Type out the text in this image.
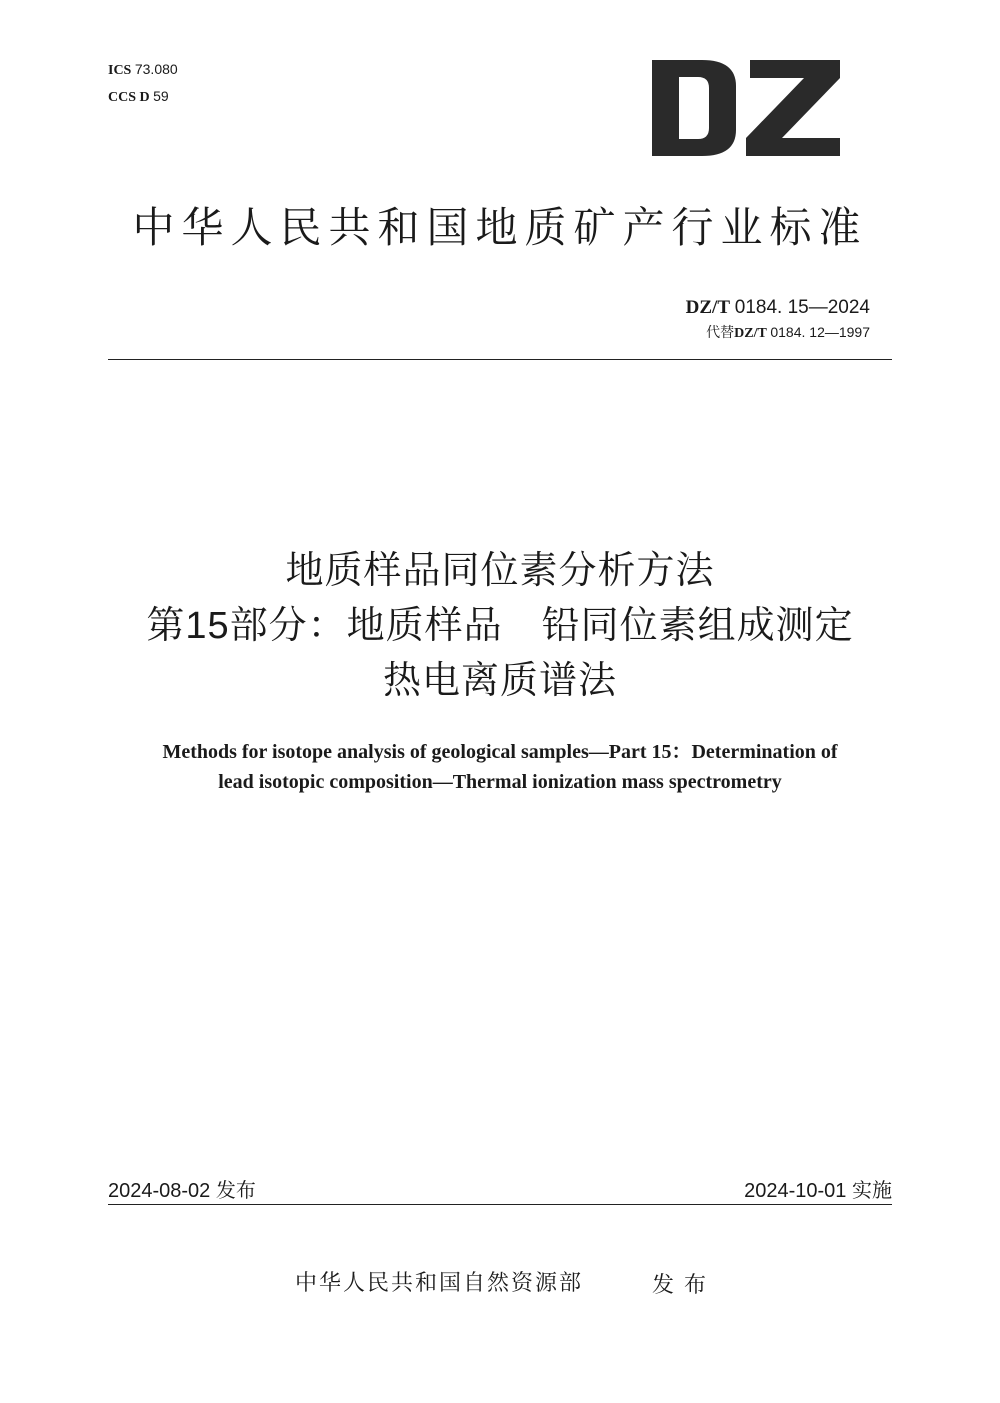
ICS 73.080
CCS D 59
中华人民共和国地质矿产行业标准
DZ/T 0184. 15—2024
代替DZ/T 0184. 12—1997
地质样品同位素分析方法
第15部分：地质样品　铅同位素组成测定
热电离质谱法
Methods for isotope analysis of geological samples—Part 15：Determination of
lead isotopic composition—Thermal ionization mass spectrometry
2024-08-02 发布	2024-10-01 实施
中华人民共和国自然资源部	发布
